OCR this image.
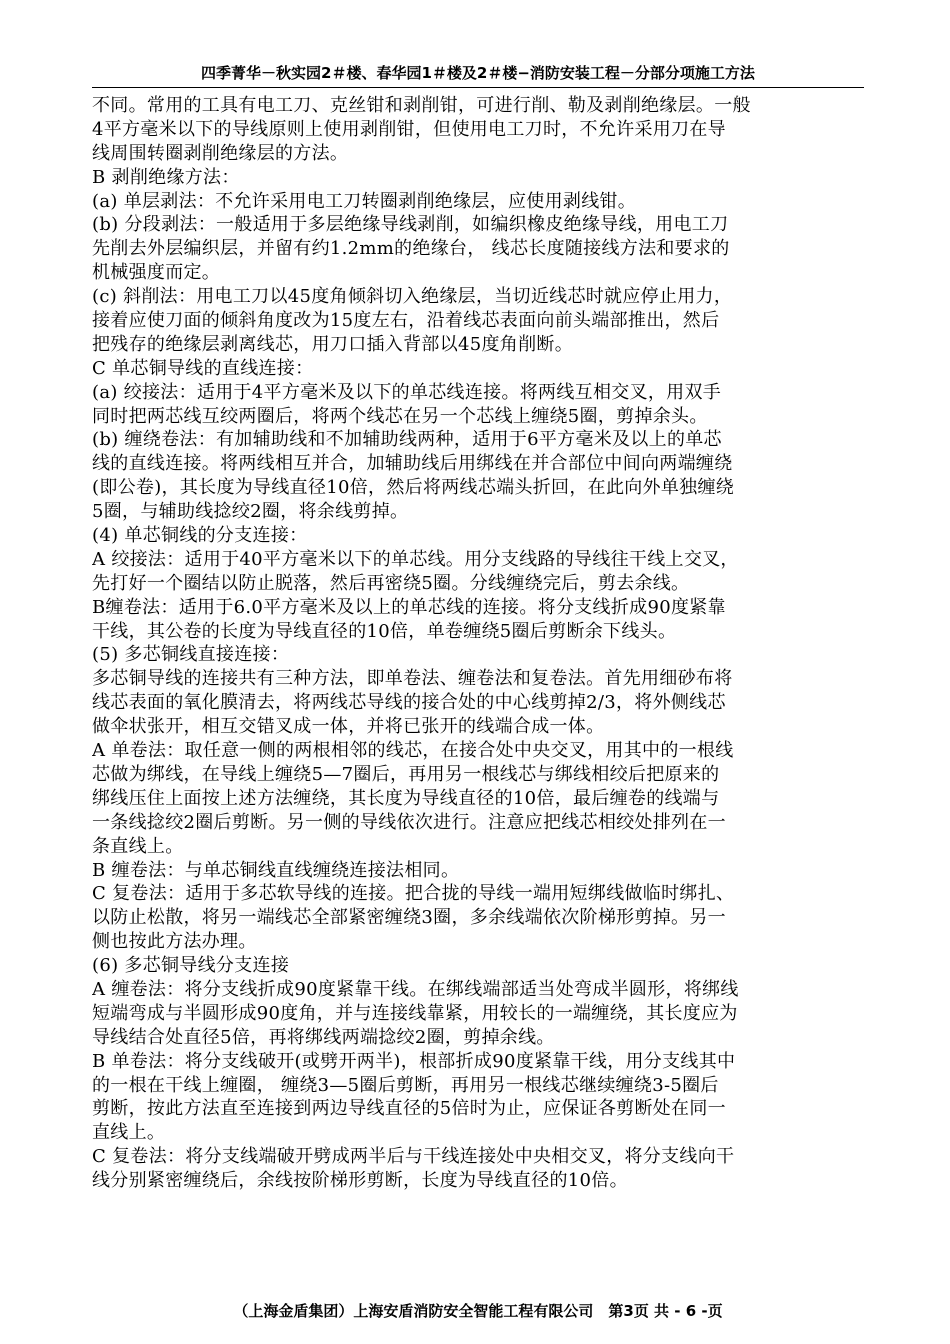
四季菁华－秋实园2＃楼、春华园1＃楼及2＃楼−消防安装工程－分部分项施工方法
不同。常用的工具有电工刀、克丝钳和剥削钳，可进行削、勒及剥削绝缘层。一般
4平方毫米以下的导线原则上使用剥削钳，但使用电工刀时，不允许采用刀在导
线周围转圈剥削绝缘层的方法。
B 剥削绝缘方法：
(a) 单层剥法：不允许采用电工刀转圈剥削绝缘层，应使用剥线钳。
(b) 分段剥法：一般适用于多层绝缘导线剥削，如编织橡皮绝缘导线，用电工刀
先削去外层编织层，并留有约1.2mm的绝缘台， 线芯长度随接线方法和要求的
机械强度而定。
(c) 斜削法：用电工刀以45度角倾斜切入绝缘层，当切近线芯时就应停止用力，
接着应使刀面的倾斜角度改为15度左右，沿着线芯表面向前头端部推出，然后
把残存的绝缘层剥离线芯，用刀口插入背部以45度角削断。
C 单芯铜导线的直线连接：
(a) 绞接法：适用于4平方毫米及以下的单芯线连接。将两线互相交叉，用双手
同时把两芯线互绞两圈后，将两个线芯在另一个芯线上缠绕5圈，剪掉余头。
(b) 缠绕卷法：有加辅助线和不加辅助线两种，适用于6平方毫米及以上的单芯
线的直线连接。将两线相互并合，加辅助线后用绑线在并合部位中间向两端缠绕
(即公卷)，其长度为导线直径10倍，然后将两线芯端头折回，在此向外单独缠绕
5圈，与辅助线捻绞2圈，将余线剪掉。
(4) 单芯铜线的分支连接：
A 绞接法：适用于40平方毫米以下的单芯线。用分支线路的导线往干线上交叉，
先打好一个圈结以防止脱落，然后再密绕5圈。分线缠绕完后，剪去余线。
B缠卷法：适用于6.0平方毫米及以上的单芯线的连接。将分支线折成90度紧靠
干线，其公卷的长度为导线直径的10倍，单卷缠绕5圈后剪断余下线头。
(5) 多芯铜线直接连接：
多芯铜导线的连接共有三种方法，即单卷法、缠卷法和复卷法。首先用细砂布将
线芯表面的氧化膜清去，将两线芯导线的接合处的中心线剪掉2/3，将外侧线芯
做伞状张开，相互交错叉成一体，并将已张开的线端合成一体。
A 单卷法：取任意一侧的两根相邻的线芯，在接合处中央交叉，用其中的一根线
芯做为绑线，在导线上缠绕5—7圈后，再用另一根线芯与绑线相绞后把原来的
绑线压住上面按上述方法缠绕，其长度为导线直径的10倍，最后缠卷的线端与
一条线捻绞2圈后剪断。另一侧的导线依次进行。注意应把线芯相绞处排列在一
条直线上。
B 缠卷法：与单芯铜线直线缠绕连接法相同。
C 复卷法：适用于多芯软导线的连接。把合拢的导线一端用短绑线做临时绑扎、
以防止松散，将另一端线芯全部紧密缠绕3圈，多余线端依次阶梯形剪掉。另一
侧也按此方法办理。
(6) 多芯铜导线分支连接
A 缠卷法：将分支线折成90度紧靠干线。在绑线端部适当处弯成半圆形，将绑线
短端弯成与半圆形成90度角，并与连接线靠紧，用较长的一端缠绕，其长度应为
导线结合处直径5倍，再将绑线两端捻绞2圈，剪掉余线。
B 单卷法：将分支线破开(或劈开两半)，根部折成90度紧靠干线，用分支线其中
的一根在干线上缠圈， 缠绕3—5圈后剪断，再用另一根线芯继续缠绕3-5圈后
剪断，按此方法直至连接到两边导线直径的5倍时为止，应保证各剪断处在同一
直线上。
C 复卷法：将分支线端破开劈成两半后与干线连接处中央相交叉，将分支线向干
线分别紧密缠绕后，余线按阶梯形剪断，长度为导线直径的10倍。
（上海金盾集团）上海安盾消防安全智能工程有限公司　第3页 共 - 6 -页
